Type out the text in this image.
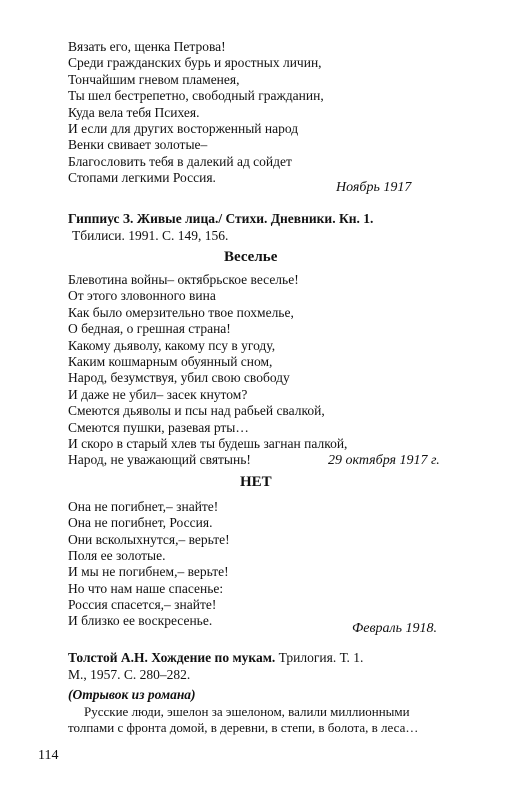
Вязать его, щенка Петрова!
Среди гражданских бурь и яростных личин,
Тончайшим гневом пламенея,
Ты шел бестрепетно, свободный гражданин,
Куда вела тебя Психея.
И если для других восторженный народ
Венки свивает золотые–
Благословить тебя в далекий ад сойдет
Стопами легкими Россия.
Ноябрь 1917
Гиппиус З. Живые лица./ Стихи. Дневники. Кн. 1.
Тбилиси. 1991. С. 149, 156.
Веселье
Блевотина войны– октябрьское веселье!
От этого зловонного вина
Как было омерзительно твое похмелье,
О бедная, о грешная страна!
Какому дьяволу, какому псу в угоду,
Каким кошмарным обуянный сном,
Народ, безумствуя, убил свою свободу
И даже не убил– засек кнутом?
Смеются дьяволы и псы над рабьей свалкой,
Смеются пушки, разевая рты…
И скоро в старый хлев ты будешь загнан палкой,
Народ, не уважающий святынь!	29 октября 1917 г.
НЕТ
Она не погибнет,– знайте!
Она не погибнет, Россия.
Они всколыхнутся,– верьте!
Поля ее золотые.
И мы не погибнем,– верьте!
Но что нам наше спасенье:
Россия спасется,– знайте!
И близко ее воскресенье.
Февраль 1918.
Толстой А.Н. Хождение по мукам. Трилогия. Т. 1.
М., 1957. С. 280–282.
(Отрывок из романа)
Русские люди, эшелон за эшелоном, валили миллионными
толпами с фронта домой, в деревни, в степи, в болота, в леса…
114
